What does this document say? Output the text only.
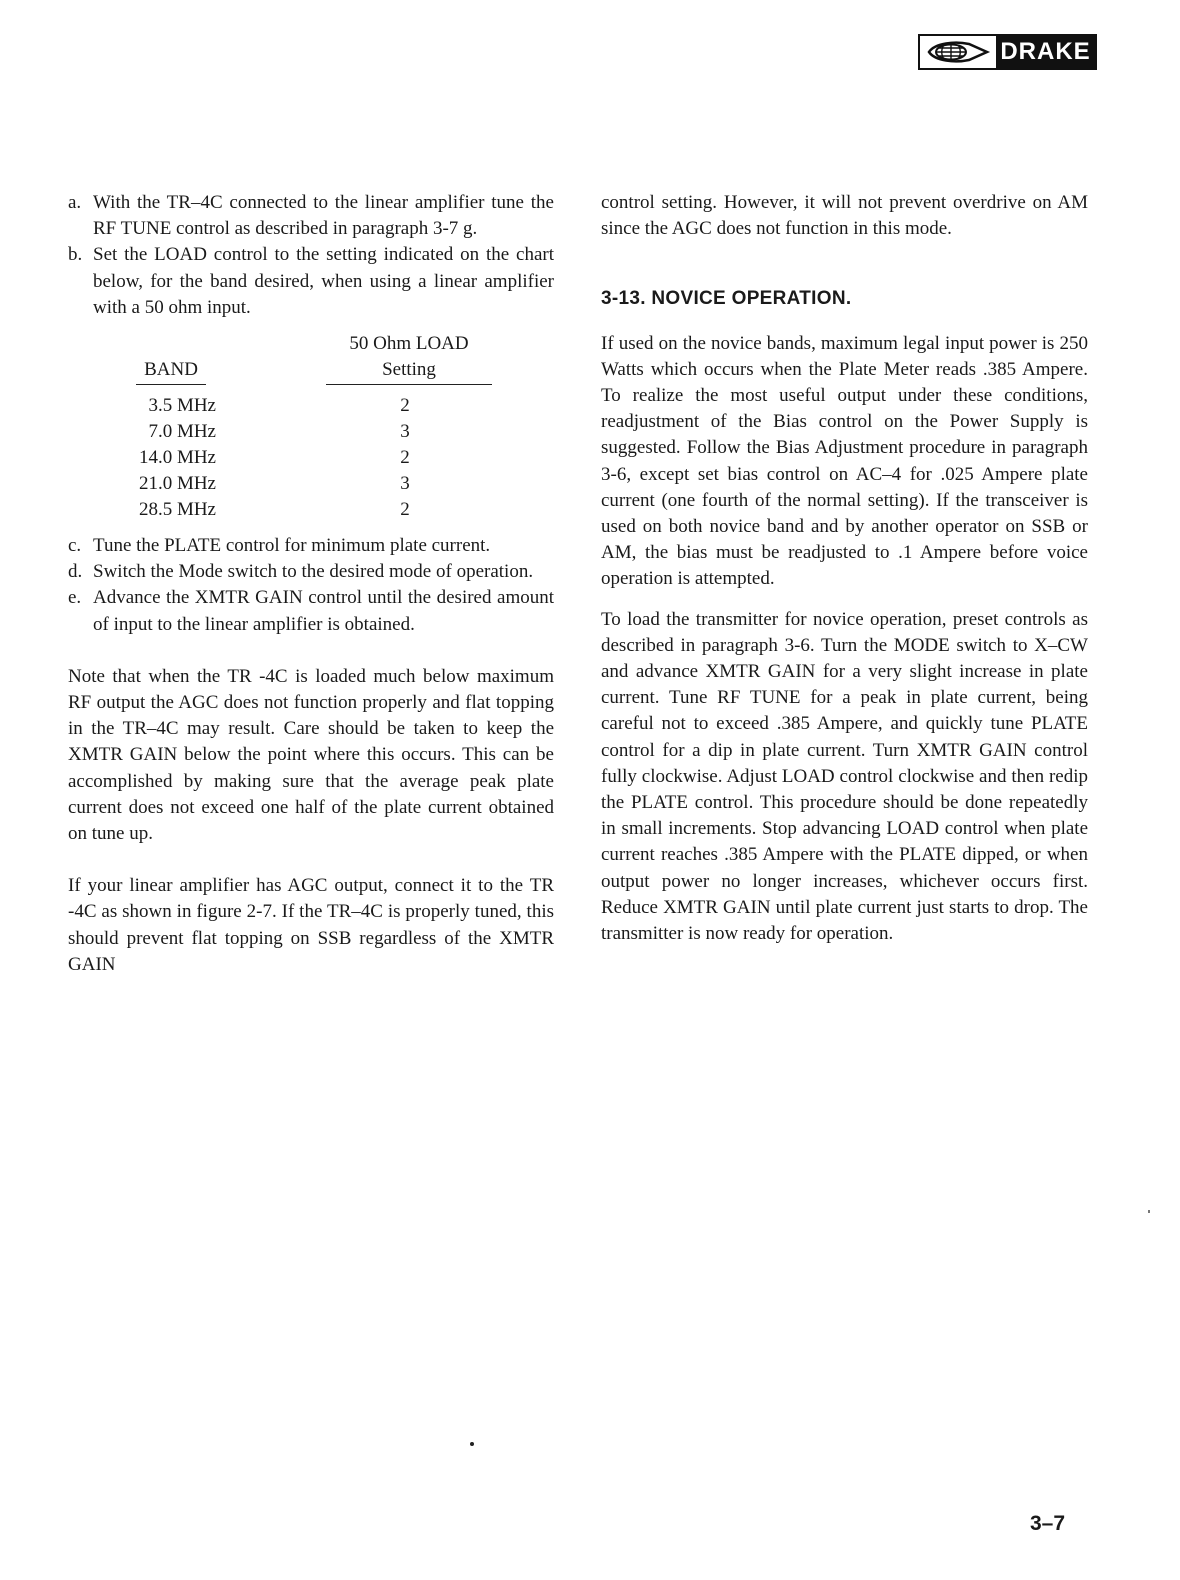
DRAKE
a. With the TR–4C connected to the linear amplifier tune the RF TUNE control as described in paragraph 3-7 g.
b. Set the LOAD control to the setting indicated on the chart below, for the band desired, when using a linear amplifier with a 50 ohm input.
50 Ohm LOAD
BAND	Setting
3.5 MHz	2
7.0 MHz	3
14.0 MHz	2
21.0 MHz	3
28.5 MHz	2
c. Tune the PLATE control for minimum plate current.
d. Switch the Mode switch to the desired mode of operation.
e. Advance the XMTR GAIN control until the desired amount of input to the linear amplifier is obtained.

Note that when the TR -4C is loaded much below maximum RF output the AGC does not function properly and flat topping in the TR–4C may result. Care should be taken to keep the XMTR GAIN below the point where this occurs. This can be accomplished by making sure that the average peak plate current does not exceed one half of the plate current obtained on tune up.

If your linear amplifier has AGC output, connect it to the TR -4C as shown in figure 2-7. If the TR–4C is properly tuned, this should prevent flat topping on SSB regardless of the XMTR GAIN

control setting. However, it will not prevent overdrive on AM since the AGC does not function in this mode.

3-13. NOVICE OPERATION.

If used on the novice bands, maximum legal input power is 250 Watts which occurs when the Plate Meter reads .385 Ampere. To realize the most useful output under these conditions, readjustment of the Bias control on the Power Supply is suggested. Follow the Bias Adjustment procedure in paragraph 3-6, except set bias control on AC–4 for .025 Ampere plate current (one fourth of the normal setting). If the transceiver is used on both novice band and by another operator on SSB or AM, the bias must be readjusted to .1 Ampere before voice operation is attempted.

To load the transmitter for novice operation, preset controls as described in paragraph 3-6. Turn the MODE switch to X–CW and advance XMTR GAIN for a very slight increase in plate current. Tune RF TUNE for a peak in plate current, being careful not to exceed .385 Ampere, and quickly tune PLATE control for a dip in plate current. Turn XMTR GAIN control fully clockwise. Adjust LOAD control clockwise and then redip the PLATE control. This procedure should be done repeatedly in small increments. Stop advancing LOAD control when plate current reaches .385 Ampere with the PLATE dipped, or when output power no longer increases, whichever occurs first. Reduce XMTR GAIN until plate current just starts to drop. The transmitter is now ready for operation.

3–7
